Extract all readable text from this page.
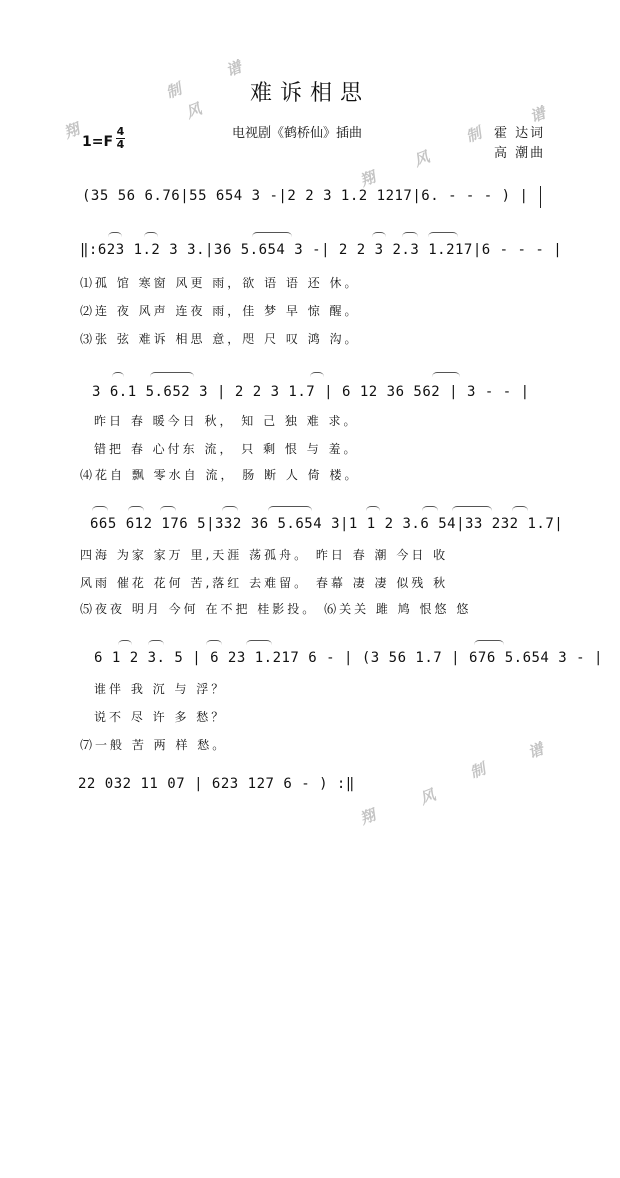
谱
风
制
翔
谱
风
制
翔
谱
风
制
翔
难诉相思
电视剧《鹤桥仙》插曲
1=F
4
4
霍 达词
高 潮曲
(35 56 6.76|55 654 3 -|2 2 3 1.2 1217|6. - - - ) |
‖:623 1.2 3 3.|36 5.654 3 -| 2 2 3 2.3 1.217|6 - - - |
⑴孤 馆 寒窗 风更 雨，欲 语 语 还 休。
⑵连 夜 风声 连夜 雨，佳 梦 早 惊 醒。
⑶张 弦 难诉 相思 意，咫 尺 叹 鸿 沟。
3 6.1 5.652 3 | 2 2 3 1.7 | 6 12 36 562 | 3 - - |
昨日 春 暖今日 秋， 知 己 独 难 求。
错把 春 心付东 流， 只 剩 恨 与 羞。
⑷花自 飘 零水自 流， 肠 断 人 倚 楼。
665 612 176 5|332 36 5.654 3|1 1 2 3.6 54|33 232 1.7|
四海 为家 家万 里,天涯 荡孤舟。 昨日 春 潮 今日 收
风雨 催花 花何 苦,落红 去难留。 春幕 凄 凄 似残 秋
⑸夜夜 明月 今何 在不把 桂影投。 ⑹关关 雎 鸠 恨悠 悠
6 1 2 3. 5 | 6 23 1.217 6 - | (3 56 1.7 | 676 5.654 3 - |
谁伴 我 沉 与 浮？
说不 尽 许 多 愁？
⑺一般 苦 两 样 愁。
22 032 11 07 | 623 127 6 - ) :‖
